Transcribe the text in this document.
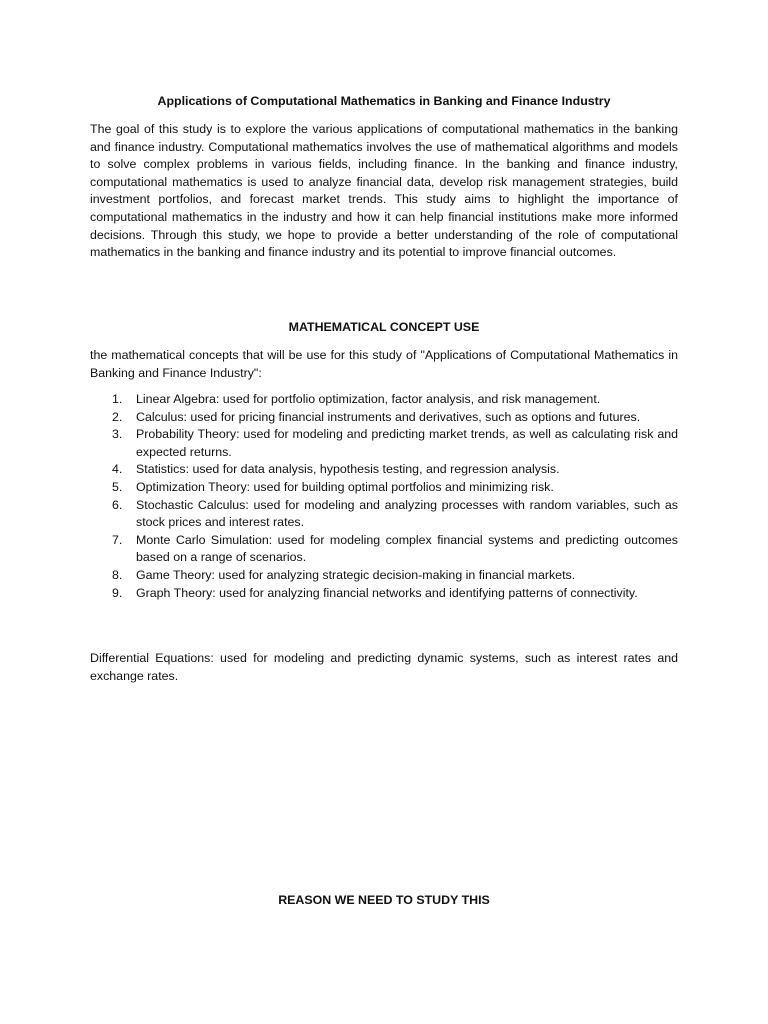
Applications of Computational Mathematics in Banking and Finance Industry

The goal of this study is to explore the various applications of computational mathematics in the banking and finance industry. Computational mathematics involves the use of mathematical algorithms and models to solve complex problems in various fields, including finance. In the banking and finance industry, computational mathematics is used to analyze financial data, develop risk management strategies, build investment portfolios, and forecast market trends. This study aims to highlight the importance of computational mathematics in the industry and how it can help financial institutions make more informed decisions. Through this study, we hope to provide a better understanding of the role of computational mathematics in the banking and finance industry and its potential to improve financial outcomes.

MATHEMATICAL CONCEPT USE

the mathematical concepts that will be use for this study of "Applications of Computational Mathematics in Banking and Finance Industry":

1. Linear Algebra: used for portfolio optimization, factor analysis, and risk management.
2. Calculus: used for pricing financial instruments and derivatives, such as options and futures.
3. Probability Theory: used for modeling and predicting market trends, as well as calculating risk and expected returns.
4. Statistics: used for data analysis, hypothesis testing, and regression analysis.
5. Optimization Theory: used for building optimal portfolios and minimizing risk.
6. Stochastic Calculus: used for modeling and analyzing processes with random variables, such as stock prices and interest rates.
7. Monte Carlo Simulation: used for modeling complex financial systems and predicting outcomes based on a range of scenarios.
8. Game Theory: used for analyzing strategic decision-making in financial markets.
9. Graph Theory: used for analyzing financial networks and identifying patterns of connectivity.

Differential Equations: used for modeling and predicting dynamic systems, such as interest rates and exchange rates.

REASON WE NEED TO STUDY THIS
